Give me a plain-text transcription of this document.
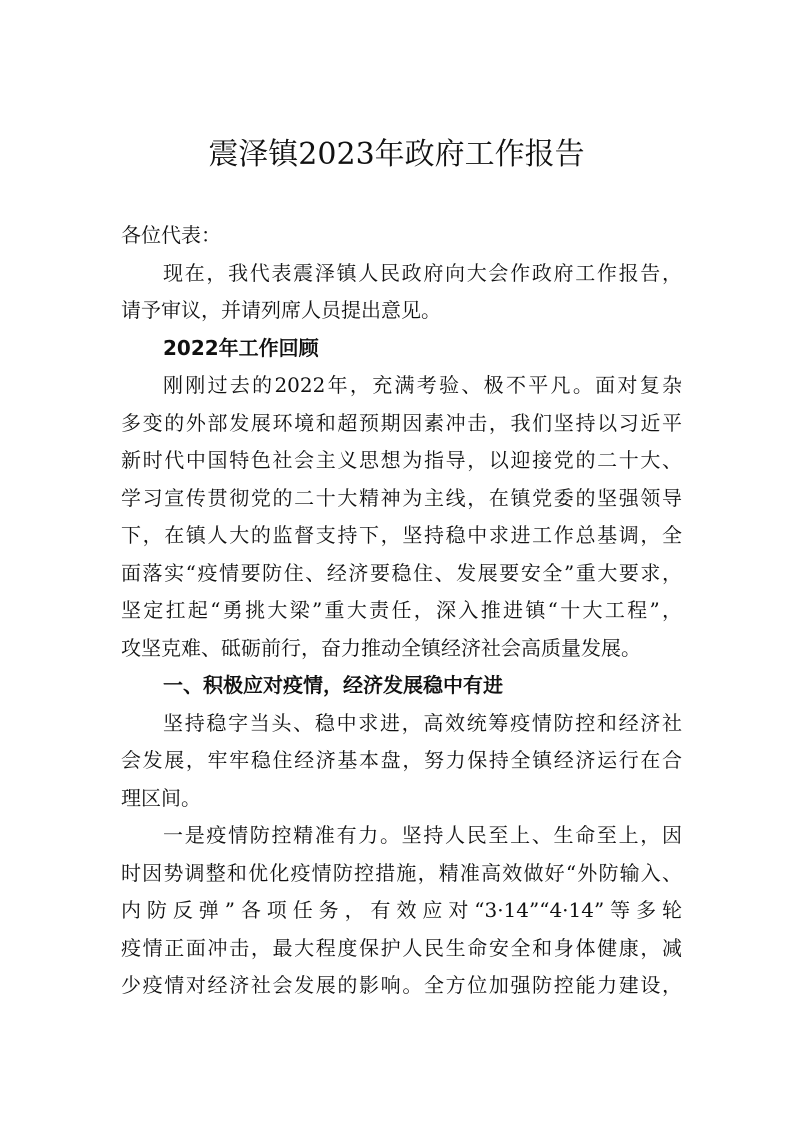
震泽镇2023年政府工作报告
各位代表：
现在，我代表震泽镇人民政府向大会作政府工作报告，
请予审议，并请列席人员提出意见。
2022年工作回顾
刚刚过去的2022年，充满考验、极不平凡。面对复杂
多变的外部发展环境和超预期因素冲击，我们坚持以习近平
新时代中国特色社会主义思想为指导，以迎接党的二十大、
学习宣传贯彻党的二十大精神为主线，在镇党委的坚强领导
下，在镇人大的监督支持下，坚持稳中求进工作总基调，全
面落实“疫情要防住、经济要稳住、发展要安全”重大要求，
坚定扛起“勇挑大梁”重大责任，深入推进镇“十大工程”，
攻坚克难、砥砺前行，奋力推动全镇经济社会高质量发展。
一、积极应对疫情，经济发展稳中有进
坚持稳字当头、稳中求进，高效统筹疫情防控和经济社
会发展，牢牢稳住经济基本盘，努力保持全镇经济运行在合
理区间。
一是疫情防控精准有力。坚持人民至上、生命至上，因
时因势调整和优化疫情防控措施，精准高效做好“外防输入、
内防反弹”各项任务，有效应对“3·14”“4·14”等多轮
疫情正面冲击，最大程度保护人民生命安全和身体健康，减
少疫情对经济社会发展的影响。全方位加强防控能力建设，
